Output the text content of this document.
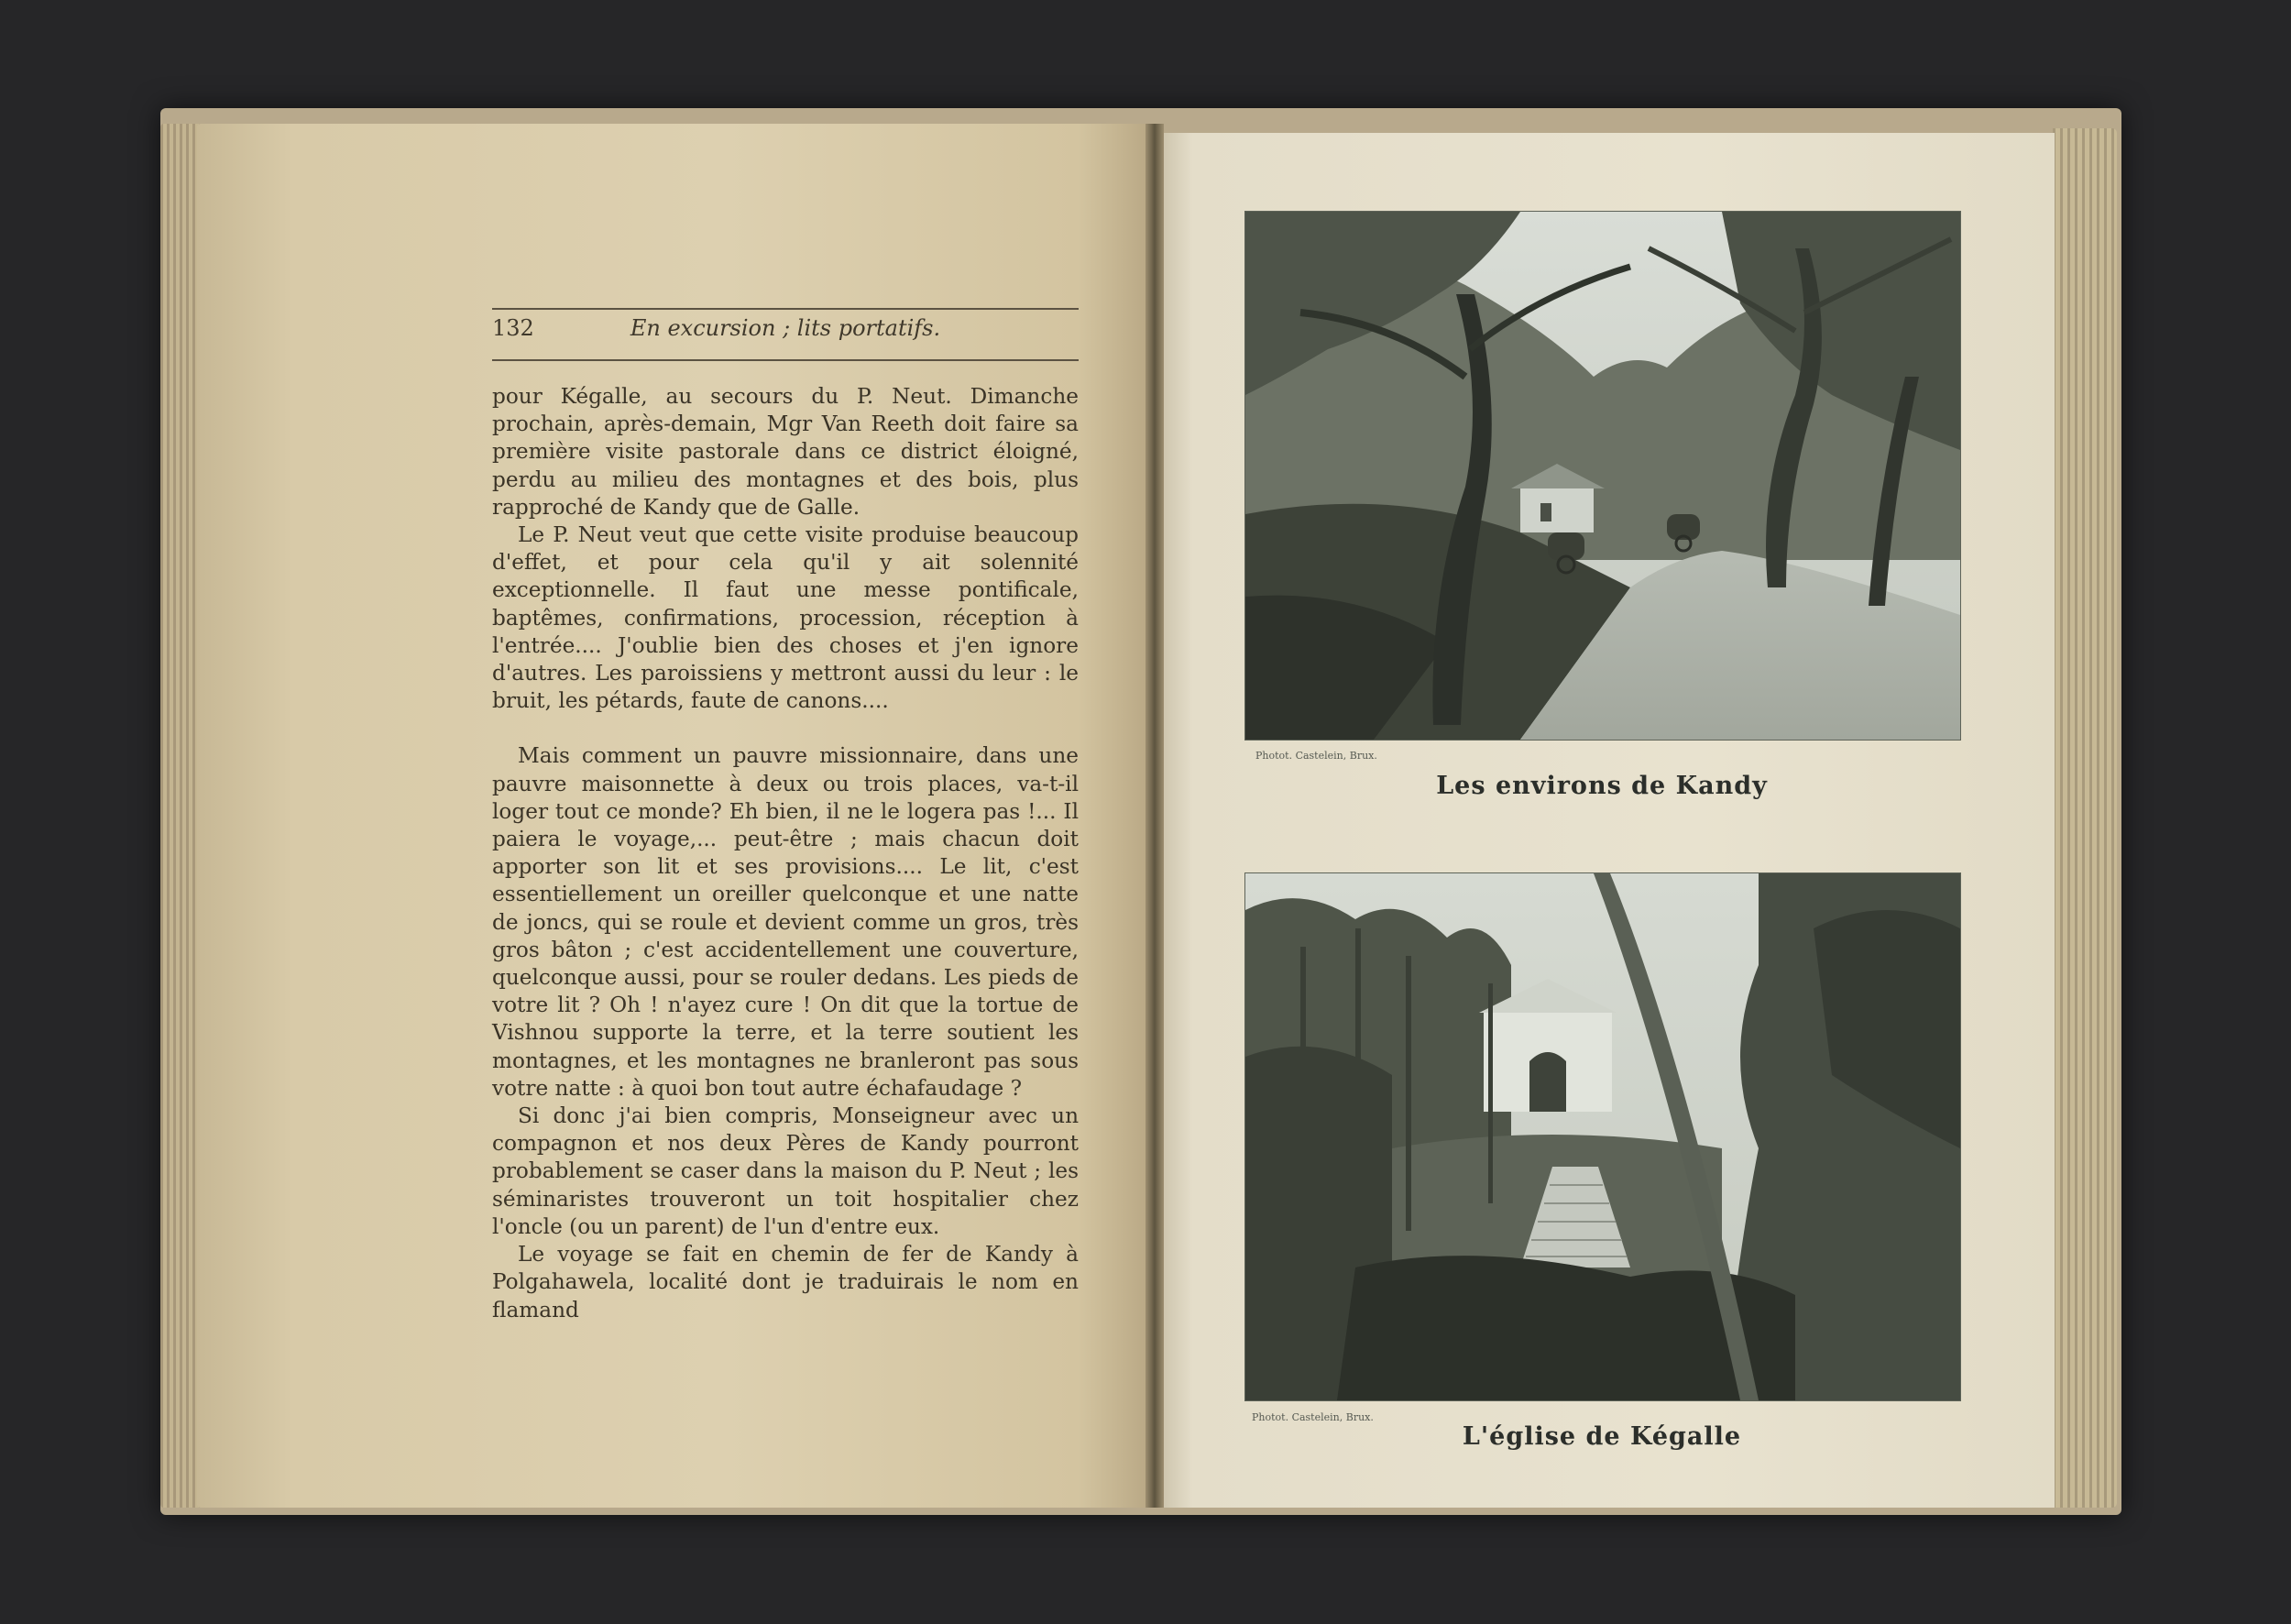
132	En excursion ; lits portatifs.

pour Kégalle, au secours du P. Neut. Dimanche prochain, après-demain, Mgr Van Reeth doit faire sa première visite pastorale dans ce district éloigné, perdu au milieu des montagnes et des bois, plus rapproché de Kandy que de Galle.

Le P. Neut veut que cette visite produise beaucoup d'effet, et pour cela qu'il y ait solennité exceptionnelle. Il faut une messe pontificale, baptêmes, confirmations, procession, réception à l'entrée.... J'oublie bien des choses et j'en ignore d'autres. Les paroissiens y mettront aussi du leur : le bruit, les pétards, faute de canons....

Mais comment un pauvre missionnaire, dans une pauvre maisonnette à deux ou trois places, va-t-il loger tout ce monde? Eh bien, il ne le logera pas !... Il paiera le voyage,... peut-être ; mais chacun doit apporter son lit et ses provisions.... Le lit, c'est essentiellement un oreiller quelconque et une natte de joncs, qui se roule et devient comme un gros, très gros bâton ; c'est accidentellement une couverture, quelconque aussi, pour se rouler dedans. Les pieds de votre lit ? Oh ! n'ayez cure ! On dit que la tortue de Vishnou supporte la terre, et la terre soutient les montagnes, et les montagnes ne branleront pas sous votre natte : à quoi bon tout autre échafaudage ?

Si donc j'ai bien compris, Monseigneur avec un compagnon et nos deux Pères de Kandy pourront probablement se caser dans la maison du P. Neut ; les séminaristes trouveront un toit hospitalier chez l'oncle (ou un parent) de l'un d'entre eux.

Le voyage se fait en chemin de fer de Kandy à Polgahawela, localité dont je traduirais le nom en flamand

Photot. Castelein, Brux.
Les environs de Kandy
Photot. Castelein, Brux.
L'église de Kégalle
